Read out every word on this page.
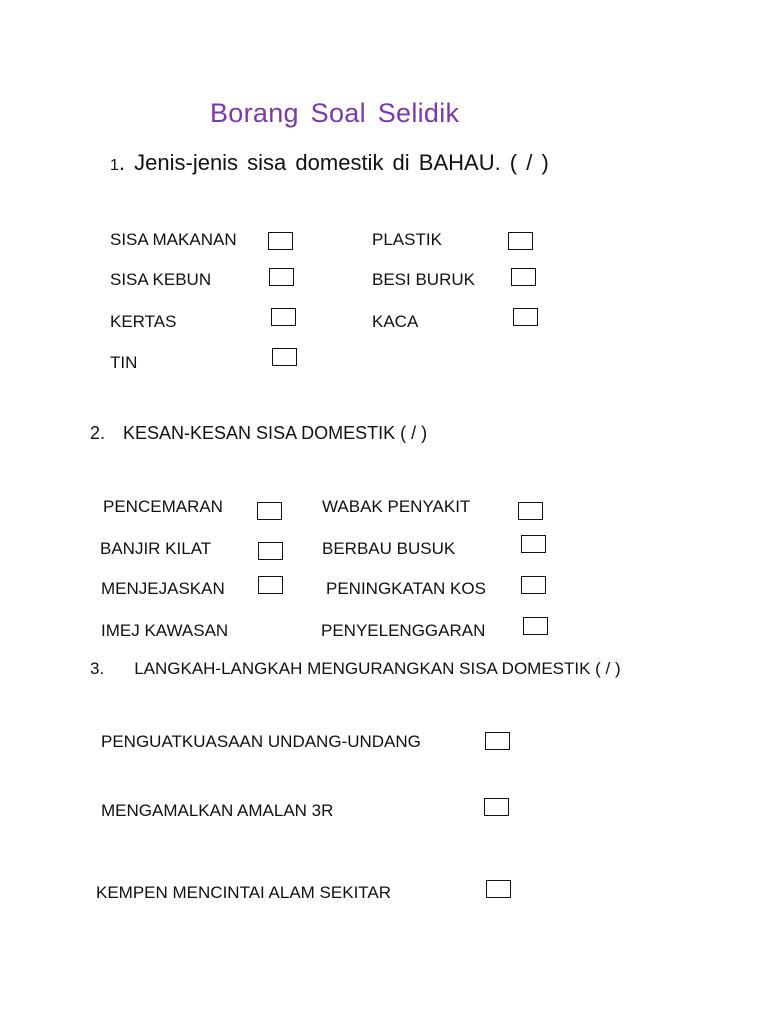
Borang Soal Selidik
1. Jenis-jenis sisa domestik di BAHAU. ( / )
SISA MAKANAN
SISA KEBUN
KERTAS
TIN
PLASTIK
BESI BURUK
KACA
2. KESAN-KESAN SISA DOMESTIK ( / )
PENCEMARAN
BANJIR KILAT
MENJEJASKAN
IMEJ KAWASAN
WABAK PENYAKIT
BERBAU BUSUK
PENINGKATAN KOS
PENYELENGGARAN
3. LANGKAH-LANGKAH MENGURANGKAN SISA DOMESTIK ( / )
PENGUATKUASAAN UNDANG-UNDANG
MENGAMALKAN AMALAN 3R
KEMPEN MENCINTAI ALAM SEKITAR
